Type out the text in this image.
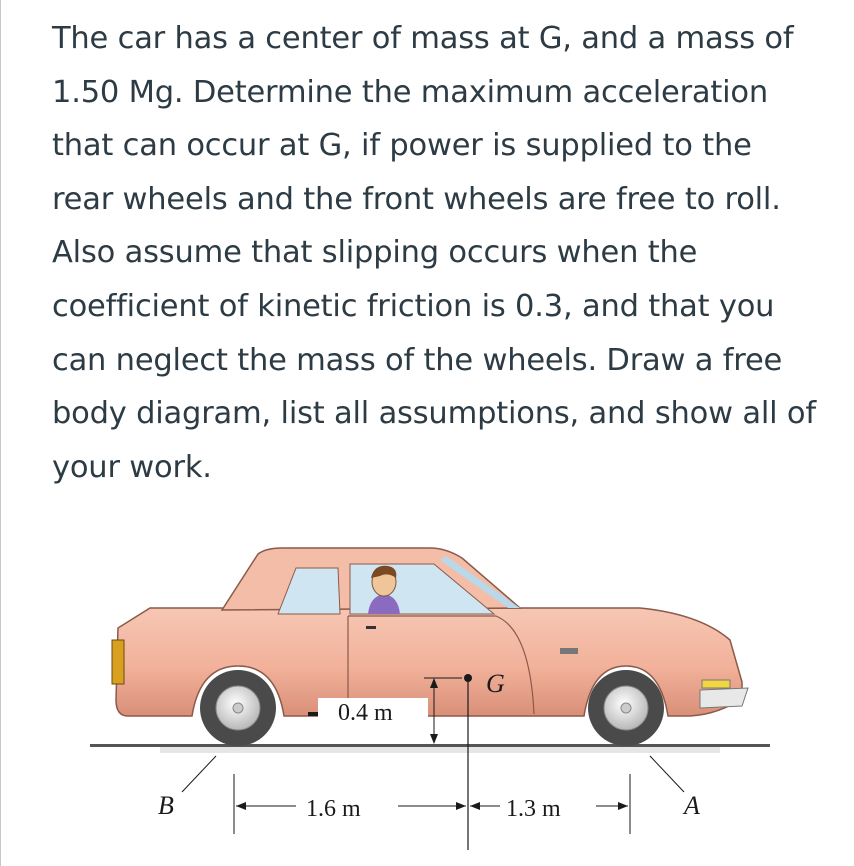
The car has a center of mass at G, and a mass of
1.50 Mg. Determine the maximum acceleration
that can occur at G, if power is supplied to the
rear wheels and the front wheels are free to roll.
Also assume that slipping occurs when the
coefficient of kinetic friction is 0.3, and that you
can neglect the mass of the wheels. Draw a free
body diagram, list all assumptions, and show all of
your work.
G
0.4 m
B	A
1.6 m	1.3 m
